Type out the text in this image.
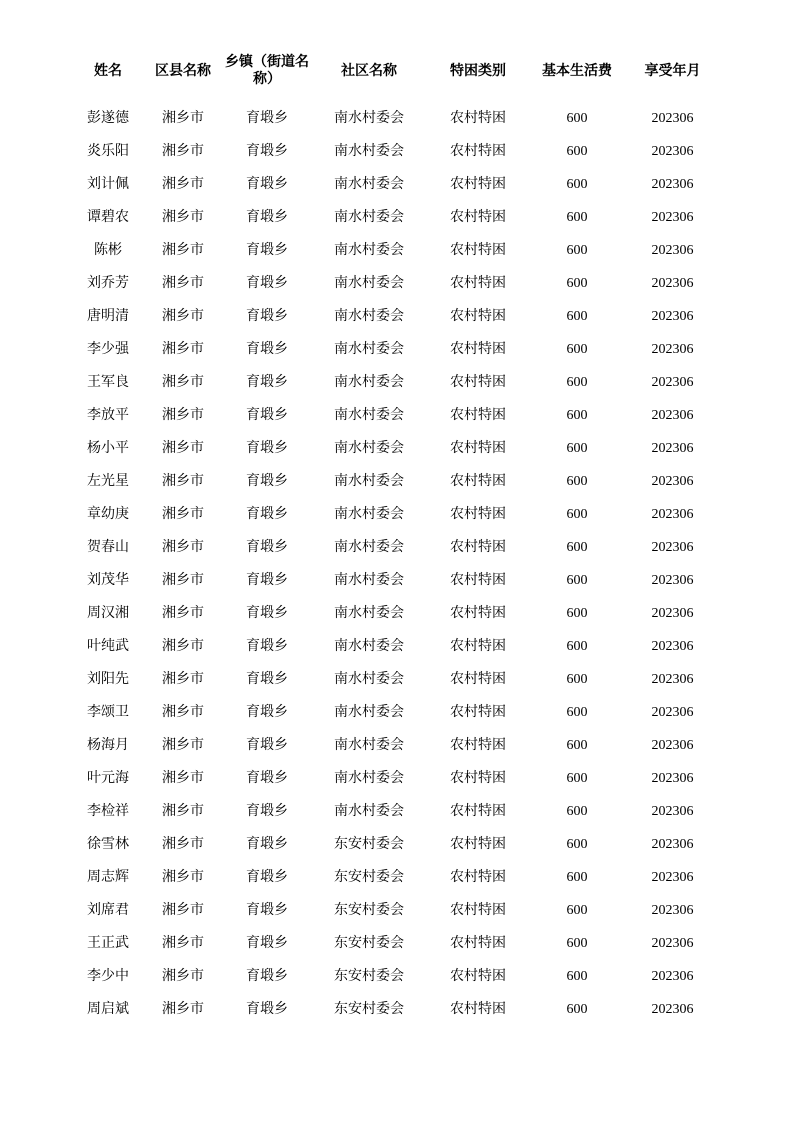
姓名	区县名称	乡镇（街道名称）	社区名称	特困类别	基本生活费	享受年月

彭遂德	湘乡市	育塅乡	南水村委会	农村特困	600	202306
炎乐阳	湘乡市	育塅乡	南水村委会	农村特困	600	202306
刘计佩	湘乡市	育塅乡	南水村委会	农村特困	600	202306
谭碧农	湘乡市	育塅乡	南水村委会	农村特困	600	202306
陈彬	湘乡市	育塅乡	南水村委会	农村特困	600	202306
刘乔芳	湘乡市	育塅乡	南水村委会	农村特困	600	202306
唐明清	湘乡市	育塅乡	南水村委会	农村特困	600	202306
李少强	湘乡市	育塅乡	南水村委会	农村特困	600	202306
王军良	湘乡市	育塅乡	南水村委会	农村特困	600	202306
李放平	湘乡市	育塅乡	南水村委会	农村特困	600	202306
杨小平	湘乡市	育塅乡	南水村委会	农村特困	600	202306
左光星	湘乡市	育塅乡	南水村委会	农村特困	600	202306
章幼庚	湘乡市	育塅乡	南水村委会	农村特困	600	202306
贺春山	湘乡市	育塅乡	南水村委会	农村特困	600	202306
刘茂华	湘乡市	育塅乡	南水村委会	农村特困	600	202306
周汉湘	湘乡市	育塅乡	南水村委会	农村特困	600	202306
叶纯武	湘乡市	育塅乡	南水村委会	农村特困	600	202306
刘阳先	湘乡市	育塅乡	南水村委会	农村特困	600	202306
李颂卫	湘乡市	育塅乡	南水村委会	农村特困	600	202306
杨海月	湘乡市	育塅乡	南水村委会	农村特困	600	202306
叶元海	湘乡市	育塅乡	南水村委会	农村特困	600	202306
李检祥	湘乡市	育塅乡	南水村委会	农村特困	600	202306
徐雪林	湘乡市	育塅乡	东安村委会	农村特困	600	202306
周志辉	湘乡市	育塅乡	东安村委会	农村特困	600	202306
刘席君	湘乡市	育塅乡	东安村委会	农村特困	600	202306
王正武	湘乡市	育塅乡	东安村委会	农村特困	600	202306
李少中	湘乡市	育塅乡	东安村委会	农村特困	600	202306
周启斌	湘乡市	育塅乡	东安村委会	农村特困	600	202306
